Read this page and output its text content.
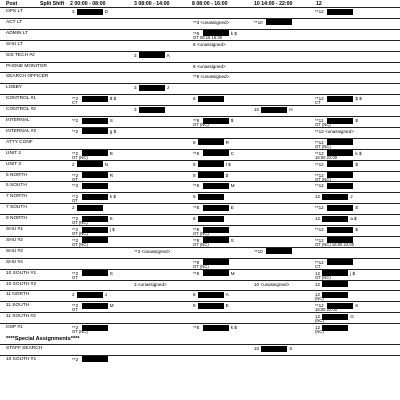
Post	Split Shift 2 00:00 - 08:00	3 08:00 - 14:00	8 08:00 - 16:00	10 14:00 - 22:00	12
OPS LT	3	D	**12
ACT LT	**3 <unassigned>	**10
ADMIN LT	**8	k $
OT 08:15 16:30
SHU LT	8 <unassigned>
SIS TECH #2	3	A
PHONE MONITOR	8 <unassigned>
SEARCH OFFICER	**8 <unassigned>
LOBBY	3	J
CONTROL #1	**2	$ $
CT
8	**12	$ $
CT
CONTROL #2	3	10	H
INTERNAL	**2	S	**8	$
OT (NC)
**12	$
OT (NC)
INTERNAL #2	**2	g $	**12 <unassigned>
ATTY CONF	8	R	**12
OT (NC)
UNIT 2	**2	B
OT (NC)
**8	C	**12	k $
16:00 22:00
UNIT 3	2	N	8	I $	**12	$
5 NORTH	**2	R
OT
8	$	**12
OT (NC)
5 SOUTH	**2	**8	M	**12
7 NORTH	**2	k $
OT
8	12	J
7 SOUTH	2	**8	E	**12	E
9 NORTH	**2	K
OT (NC)
8	12	a $
SHU #1	**2	j $
OT (NC)
**8
OT (NC)
**12	$
SHU #2	**2
OT (NC)
**8	S
OT (NC)
**12
OT (NC) 16:00 22:00
SHU #3	**3 <unassigned>	**10
SHU #4	**8
OT (NC)
**12
CT
10 SOUTH #1	**2	S
OT
**8	M	12	j $
OT (NC)
10 SOUTH #2	3 <unassigned>	10 <unassigned>	12
11 NORTH	2	J	8	A	12
(NC)
11 SOUTH	**2	M
OT
8	E	**12	K
16:00 22:00
11 SOUTH #2	12	G
(NC)
OSP #1	**2
OT (NC)
**8	k $	12
(NC)
STAFF SEARCH	10	S
10 SOUTH #1	**2
****Special Assignments****
